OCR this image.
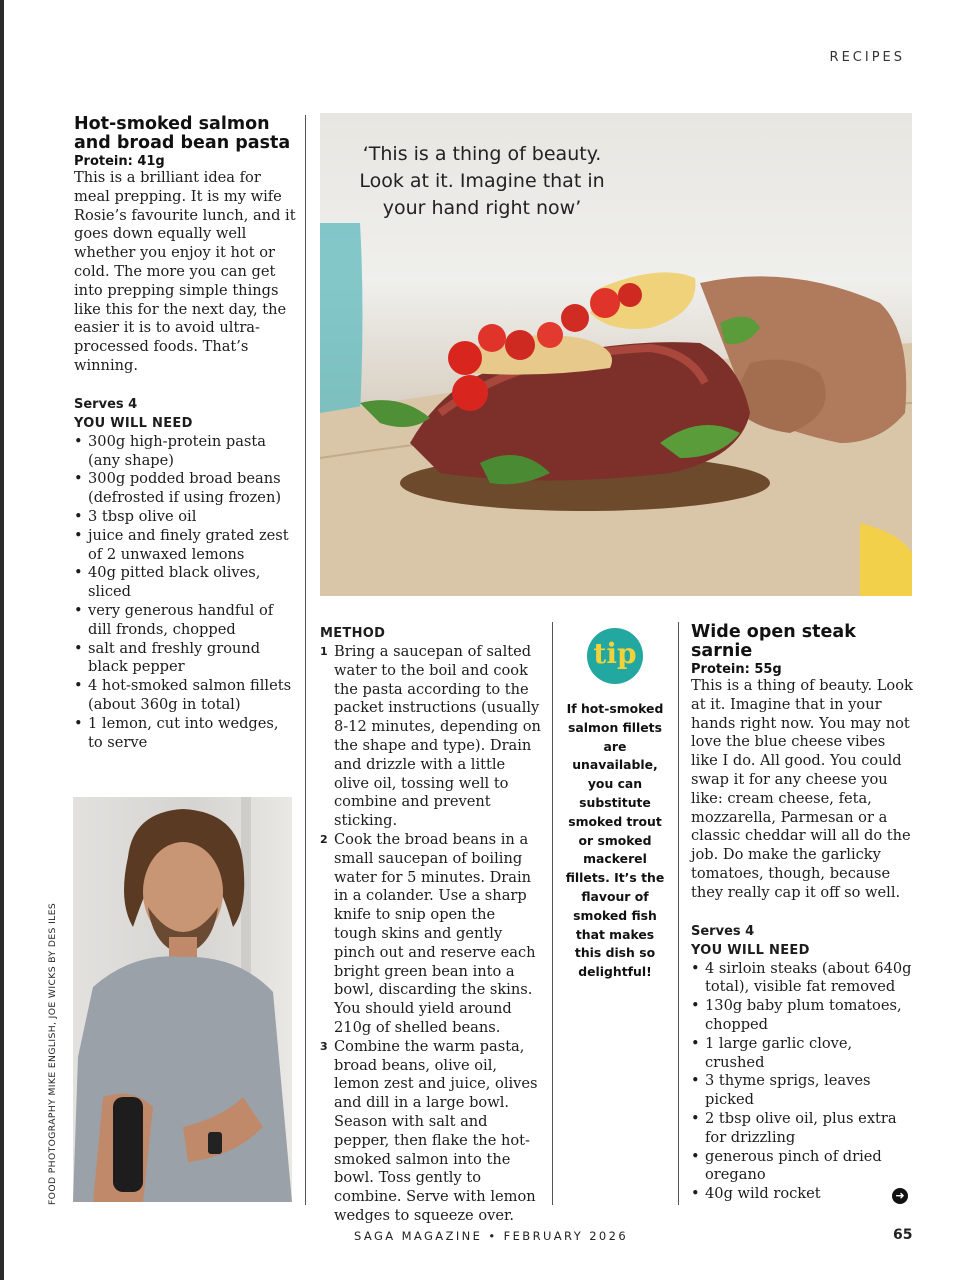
RECIPES
Hot-smoked salmon and broad bean pasta

Protein: 41g

This is a brilliant idea for meal prepping. It is my wife Rosie’s favourite lunch, and it goes down equally well whether you enjoy it hot or cold. The more you can get into prepping simple things like this for the next day, the easier it is to avoid ultra-processed foods. That’s winning.

Serves 4

YOU WILL NEED

• 300g high-protein pasta (any shape)
• 300g podded broad beans (defrosted if using frozen)
• 3 tbsp olive oil
• juice and finely grated zest of 2 unwaxed lemons
• 40g pitted black olives, sliced
• very generous handful of dill fronds, chopped
• salt and freshly ground black pepper
• 4 hot-smoked salmon fillets (about 360g in total)
• 1 lemon, cut into wedges, to serve

‘This is a thing of beauty. Look at it. Imagine that in your hand right now’

FOOD PHOTOGRAPHY MIKE ENGLISH, JOE WICKS BY DES ILES

METHOD

1 Bring a saucepan of salted water to the boil and cook the pasta according to the packet instructions (usually 8-12 minutes, depending on the shape and type). Drain and drizzle with a little olive oil, tossing well to combine and prevent sticking.
2 Cook the broad beans in a small saucepan of boiling water for 5 minutes. Drain in a colander. Use a sharp knife to snip open the tough skins and gently pinch out and reserve each bright green bean into a bowl, discarding the skins. You should yield around 210g of shelled beans.
3 Combine the warm pasta, broad beans, olive oil, lemon zest and juice, olives and dill in a large bowl. Season with salt and pepper, then flake the hot-smoked salmon into the bowl. Toss gently to combine. Serve with lemon wedges to squeeze over.
tip

If hot-smoked salmon fillets are unavailable, you can substitute smoked trout or smoked mackerel fillets. It’s the flavour of smoked fish that makes this dish so delightful!

Wide open steak sarnie

Protein: 55g

This is a thing of beauty. Look at it. Imagine that in your hands right now. You may not love the blue cheese vibes like I do. All good. You could swap it for any cheese you like: cream cheese, feta, mozzarella, Parmesan or a classic cheddar will all do the job. Do make the garlicky tomatoes, though, because they really cap it off so well.

Serves 4

YOU WILL NEED

• 4 sirloin steaks (about 640g total), visible fat removed
• 130g baby plum tomatoes, chopped
• 1 large garlic clove, crushed
• 3 thyme sprigs, leaves picked
• 2 tbsp olive oil, plus extra for drizzling
• generous pinch of dried oregano
• 40g wild rocket	➜
SAGA MAGAZINE • FEBRUARY 2026	65
